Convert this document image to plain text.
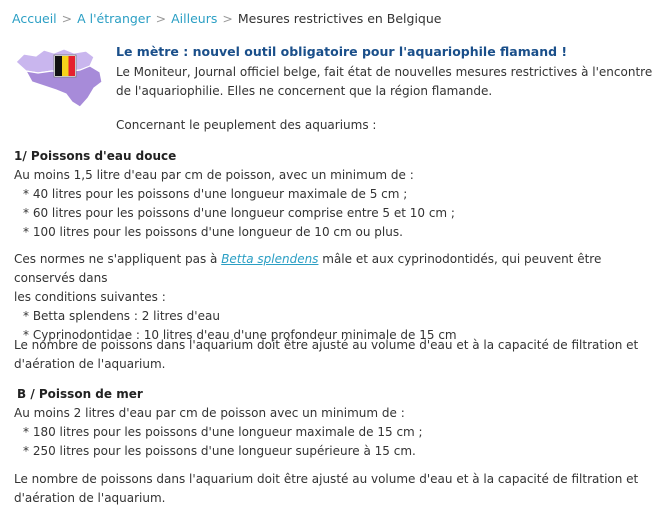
Accueil > A l'étranger > Ailleurs > Mesures restrictives en Belgique
Le mètre : nouvel outil obligatoire pour l'aquariophile flamand !
Le Moniteur, Journal officiel belge, fait état de nouvelles mesures restrictives à l'encontre de l'aquariophilie. Elles ne concernent que la région flamande.
Concernant le peuplement des aquariums :
1/ Poissons d'eau douce
Au moins 1,5 litre d'eau par cm de poisson, avec un minimum de :
* 40 litres pour les poissons d'une longueur maximale de 5 cm ;
* 60 litres pour les poissons d'une longueur comprise entre 5 et 10 cm ;
* 100 litres pour les poissons d'une longueur de 10 cm ou plus.
Ces normes ne s'appliquent pas à Betta splendens mâle et aux cyprinodontidés, qui peuvent être conservés dans
les conditions suivantes :
* Betta splendens : 2 litres d'eau
* Cyprinodontidae : 10 litres d'eau d'une profondeur minimale de 15 cm
Le nombre de poissons dans l'aquarium doit être ajusté au volume d'eau et à la capacité de filtration et
d'aération de l'aquarium.
B / Poisson de mer
Au moins 2 litres d'eau par cm de poisson avec un minimum de :
* 180 litres pour les poissons d'une longueur maximale de 15 cm ;
* 250 litres pour les poissons d'une longueur supérieure à 15 cm.
Le nombre de poissons dans l'aquarium doit être ajusté au volume d'eau et à la capacité de filtration et
d'aération de l'aquarium.
